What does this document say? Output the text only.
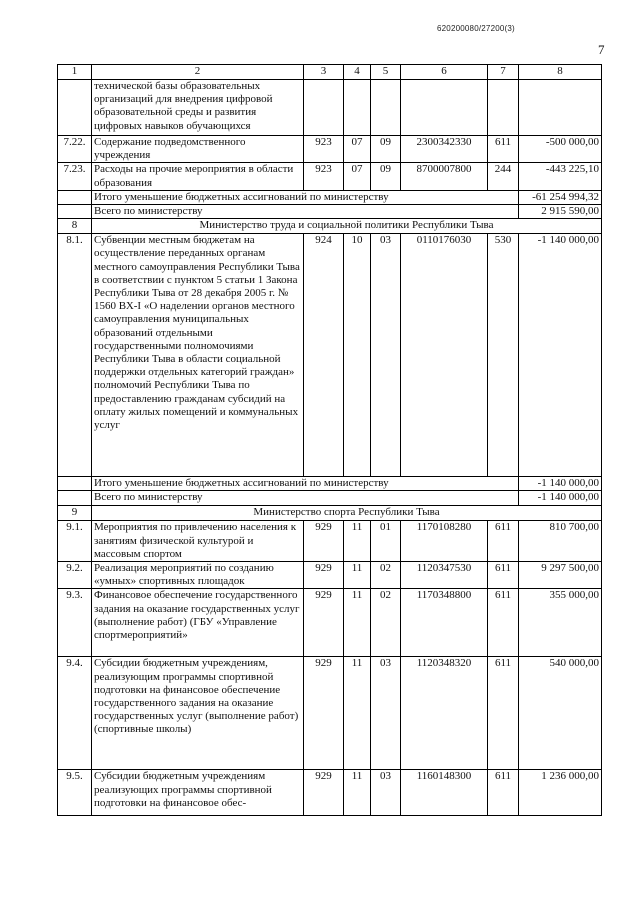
620200080/27200(3)
7
1	2	3	4	5	6	7	8
	технической базы образовательных организаций для внедрения цифровой образовательной среды и развития цифровых навыков обучающихся						
7.22.	Содержание подведомственного учреждения	923	07	09	2300342330	611	-500 000,00
7.23.	Расходы на прочие мероприятия в области образования	923	07	09	8700007800	244	-443 225,10
	Итого уменьшение бюджетных ассигнований по министерству						-61 254 994,32
	Всего по министерству						2 915 590,00
8	Министерство труда и социальной политики Республики Тыва						
8.1.	Субвенции местным бюджетам на осуществление переданных органам местного самоуправления Республики Тыва в соответствии с пунктом 5 статьи 1 Закона Республики Тыва от 28 декабря 2005 г. № 1560 ВХ-I «О наделении органов местного самоуправления муниципальных образований отдельными государственными полномочиями Республики Тыва в области социальной поддержки отдельных категорий граждан» полномочий Республики Тыва по предоставлению гражданам субсидий на оплату жилых помещений и коммунальных услуг	924	10	03	0110176030	530	-1 140 000,00
	Итого уменьшение бюджетных ассигнований по министерству						-1 140 000,00
	Всего по министерству						-1 140 000,00
9	Министерство спорта Республики Тыва						
9.1.	Мероприятия по привлечению населения к занятиям физической культурой и массовым спортом	929	11	01	1170108280	611	810 700,00
9.2.	Реализация мероприятий по созданию «умных» спортивных площадок	929	11	02	1120347530	611	9 297 500,00
9.3.	Финансовое обеспечение государственного задания на оказание государственных услуг (выполнение работ) (ГБУ «Управление спортмероприятий»	929	11	02	1170348800	611	355 000,00
9.4.	Субсидии бюджетным учреждениям, реализующим программы спортивной подготовки на финансовое обеспечение государственного задания на оказание государственных услуг (выполнение работ) (спортивные школы)	929	11	03	1120348320	611	540 000,00
9.5.	Субсидии бюджетным учреждениям реализующих программы спортивной подготовки на финансовое обес-	929	11	03	1160148300	611	1 236 000,00
